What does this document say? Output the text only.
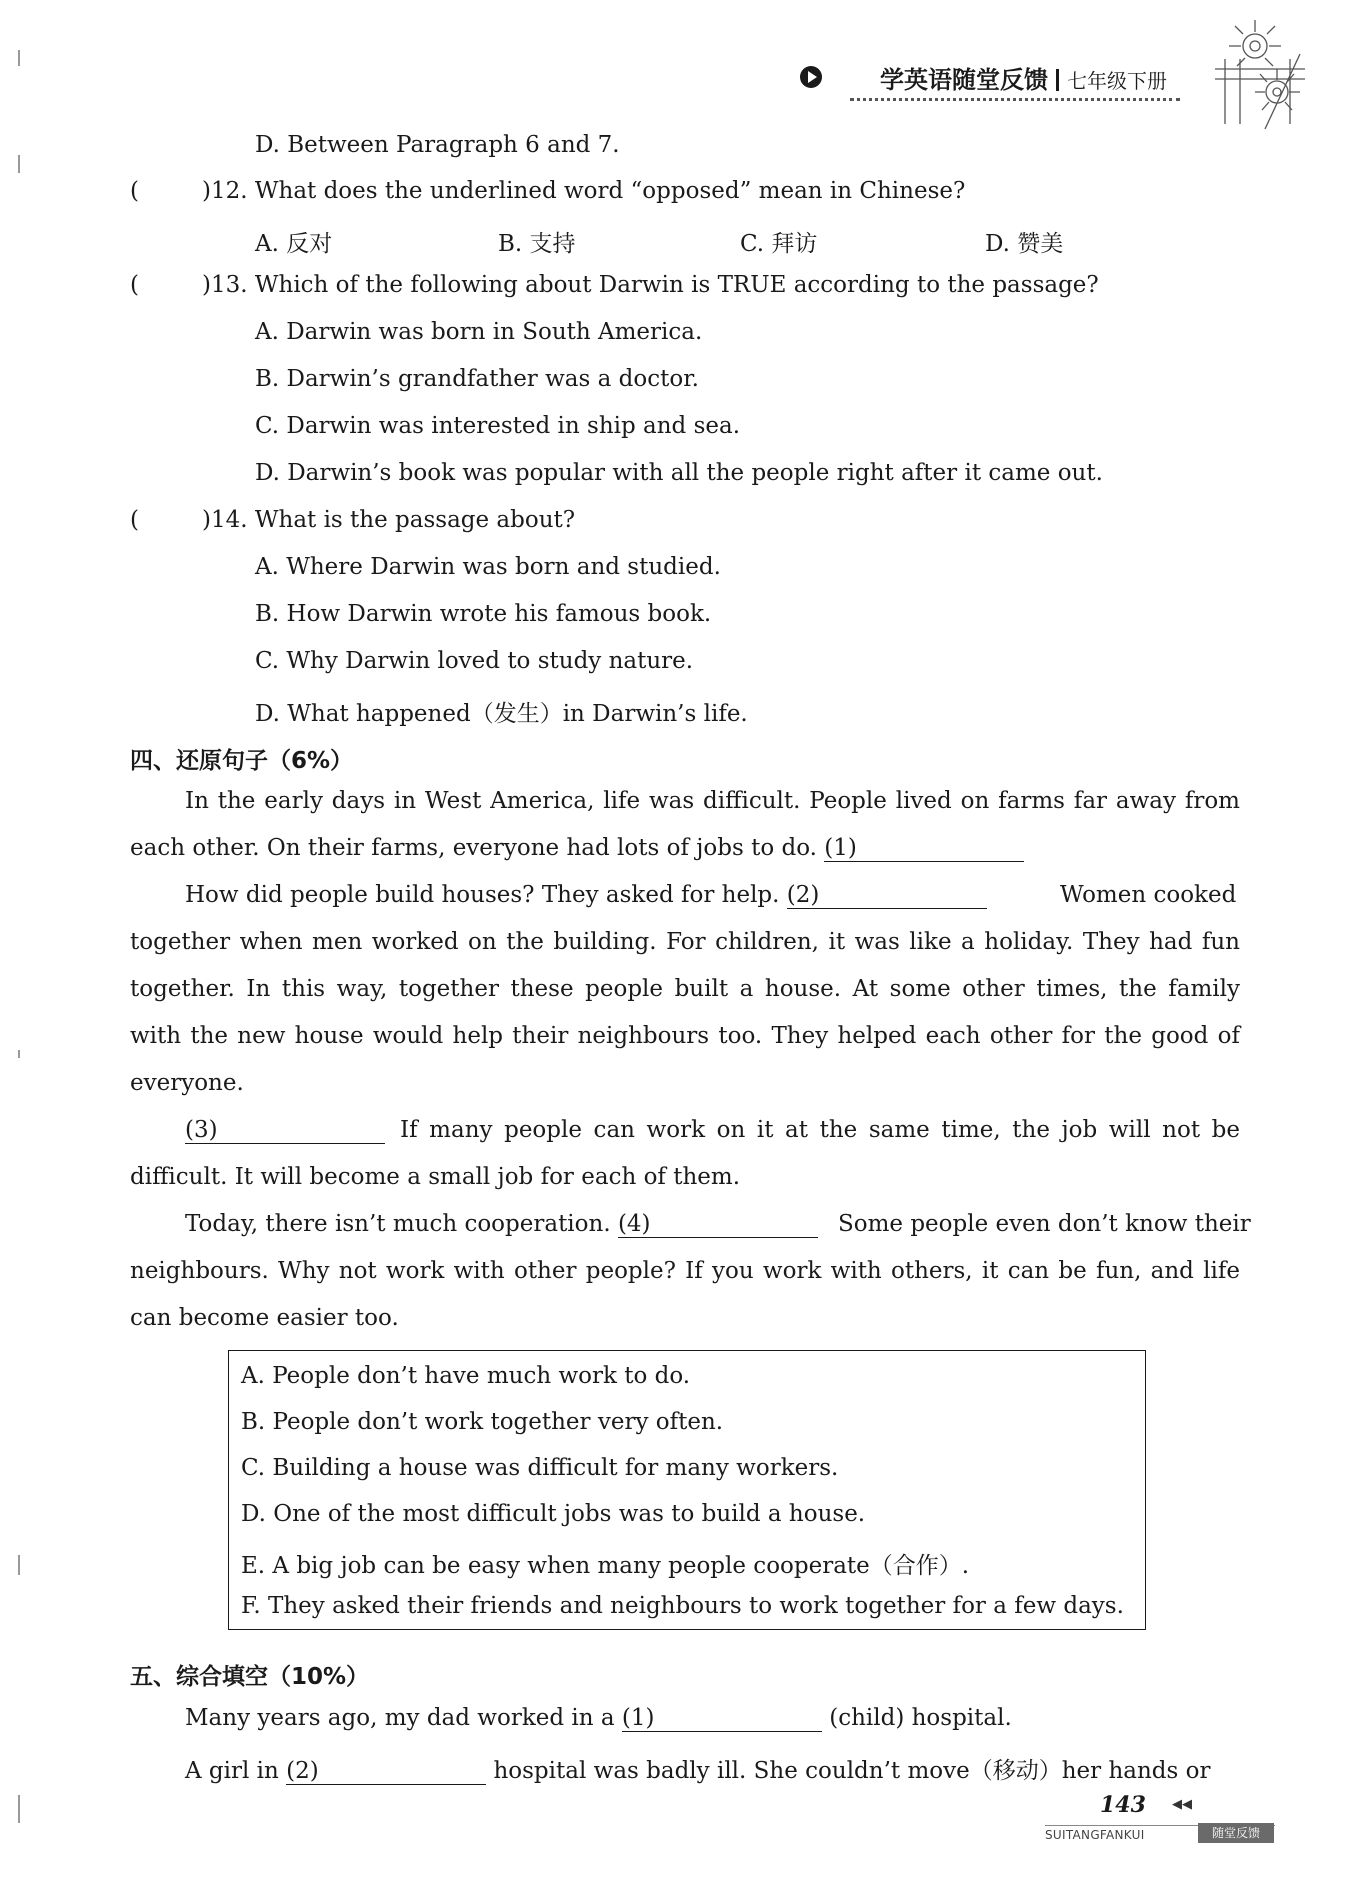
学英语随堂反馈 七年级下册
D. Between Paragraph 6 and 7.
(	)12. What does the underlined word “opposed” mean in Chinese?
A. 反对	B. 支持	C. 拜访	D. 赞美
(	)13. Which of the following about Darwin is TRUE according to the passage?
A. Darwin was born in South America.
B. Darwin’s grandfather was a doctor.
C. Darwin was interested in ship and sea.
D. Darwin’s book was popular with all the people right after it came out.
(	)14. What is the passage about?
A. Where Darwin was born and studied.
B. How Darwin wrote his famous book.
C. Why Darwin loved to study nature.
D. What happened（发生）in Darwin’s life.
四、还原句子（6%）
In the early days in West America, life was difficult. People lived on farms far away from
each other. On their farms, everyone had lots of jobs to do. (1)
How did people build houses? They asked for help. (2)	Women cooked
together when men worked on the building. For children, it was like a holiday. They had fun
together. In this way, together these people built a house. At some other times, the family
with the new house would help their neighbours too. They helped each other for the good of
everyone.
(3)	If many people can work on it at the same time, the job will not be
difficult. It will become a small job for each of them.
Today, there isn’t much cooperation. (4)	Some people even don’t know their
neighbours. Why not work with other people? If you work with others, it can be fun, and life
can become easier too.
A. People don’t have much work to do.
B. People don’t work together very often.
C. Building a house was difficult for many workers.
D. One of the most difficult jobs was to build a house.
E. A big job can be easy when many people cooperate（合作）.
F. They asked their friends and neighbours to work together for a few days.
五、综合填空（10%）
Many years ago, my dad worked in a (1)	(child) hospital.
A girl in (2)	hospital was badly ill. She couldn’t move（移动）her hands or
143 ◀◀
SUITANGFANKUI	随堂反馈
